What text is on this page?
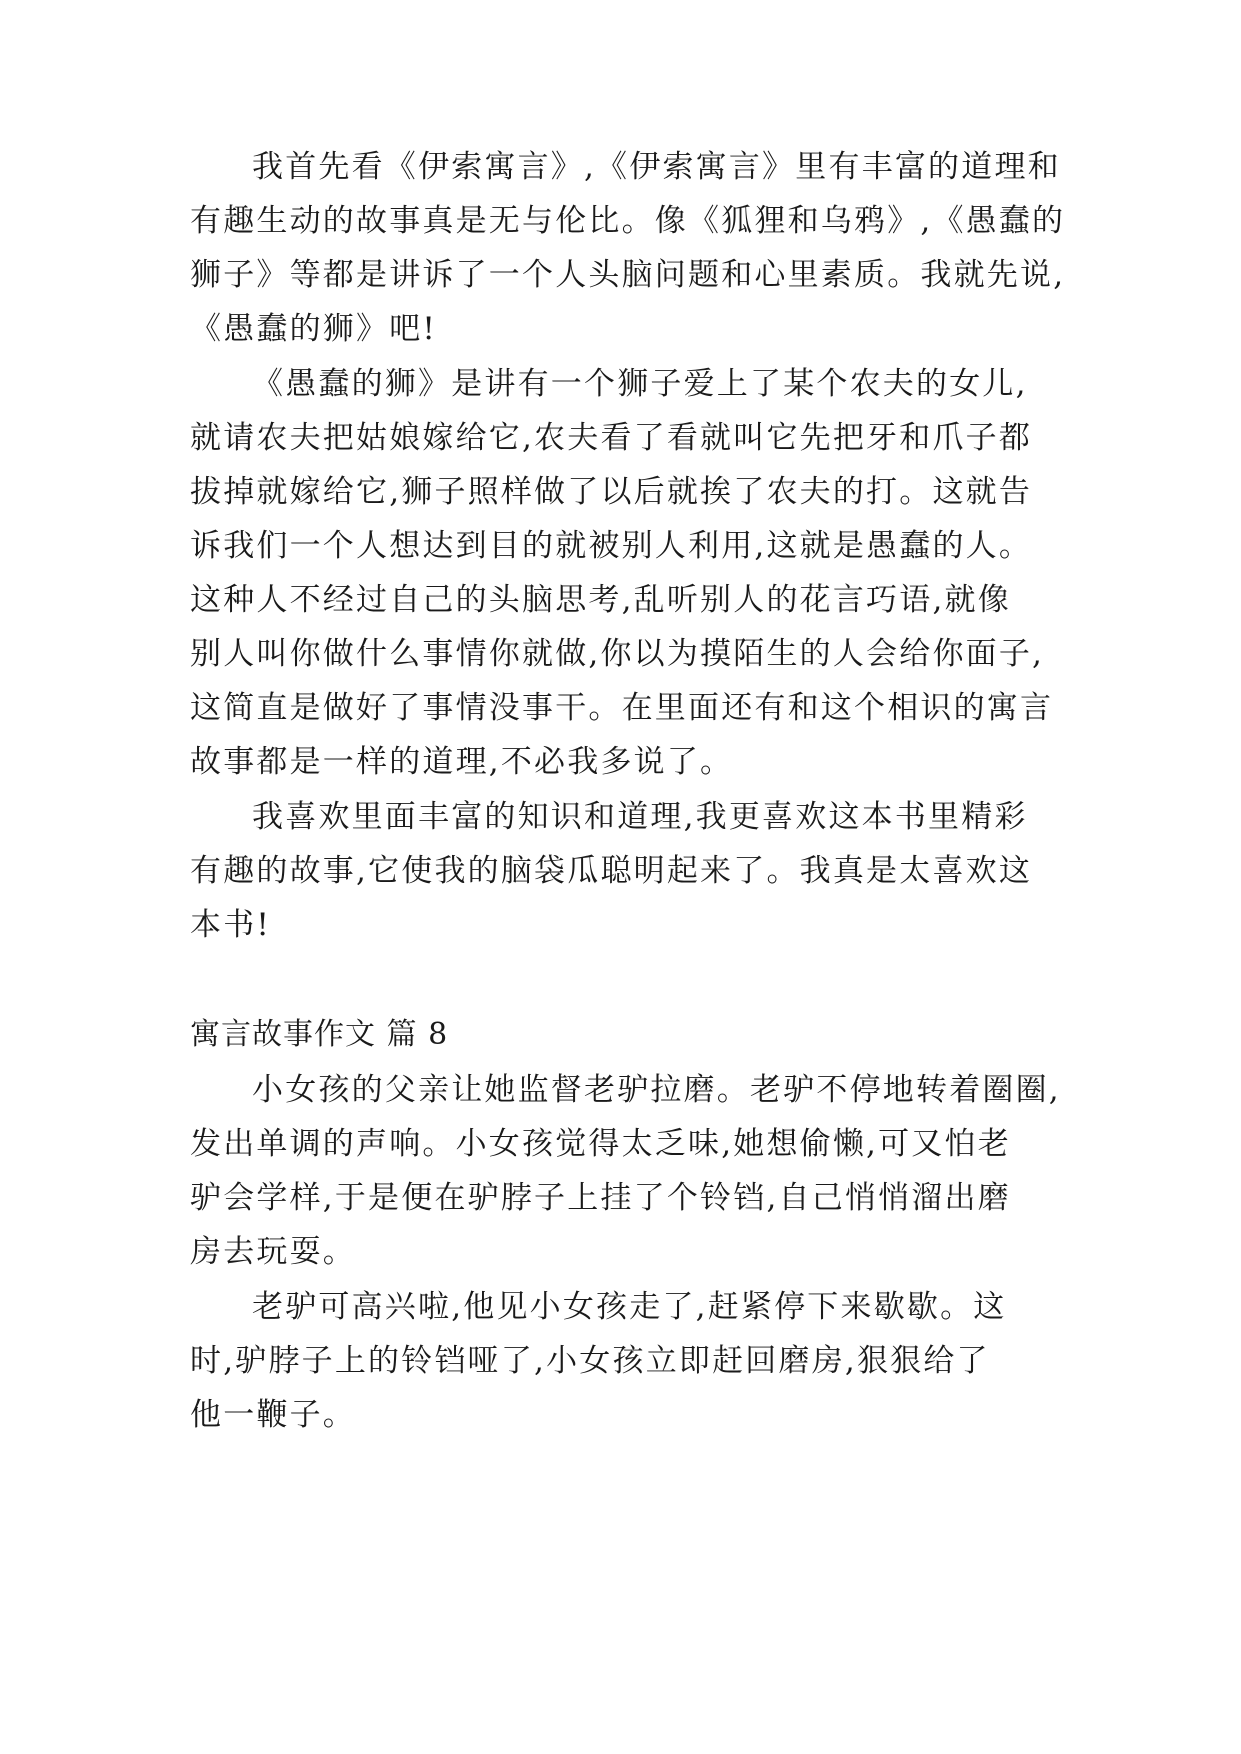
我首先看《伊索寓言》,《伊索寓言》里有丰富的道理和
有趣生动的故事真是无与伦比。像《狐狸和乌鸦》,《愚蠢的
狮子》等都是讲诉了一个人头脑问题和心里素质。我就先说,
《愚蠢的狮》吧!
《愚蠢的狮》是讲有一个狮子爱上了某个农夫的女儿,
就请农夫把姑娘嫁给它,农夫看了看就叫它先把牙和爪子都
拔掉就嫁给它,狮子照样做了以后就挨了农夫的打。这就告
诉我们一个人想达到目的就被别人利用,这就是愚蠢的人。
这种人不经过自己的头脑思考,乱听别人的花言巧语,就像
别人叫你做什么事情你就做,你以为摸陌生的人会给你面子,
这简直是做好了事情没事干。在里面还有和这个相识的寓言
故事都是一样的道理,不必我多说了。
我喜欢里面丰富的知识和道理,我更喜欢这本书里精彩
有趣的故事,它使我的脑袋瓜聪明起来了。我真是太喜欢这
本书!
寓言故事作文 篇 8
小女孩的父亲让她监督老驴拉磨。老驴不停地转着圈圈,
发出单调的声响。小女孩觉得太乏味,她想偷懒,可又怕老
驴会学样,于是便在驴脖子上挂了个铃铛,自己悄悄溜出磨
房去玩耍。
老驴可高兴啦,他见小女孩走了,赶紧停下来歇歇。这
时,驴脖子上的铃铛哑了,小女孩立即赶回磨房,狠狠给了
他一鞭子。
